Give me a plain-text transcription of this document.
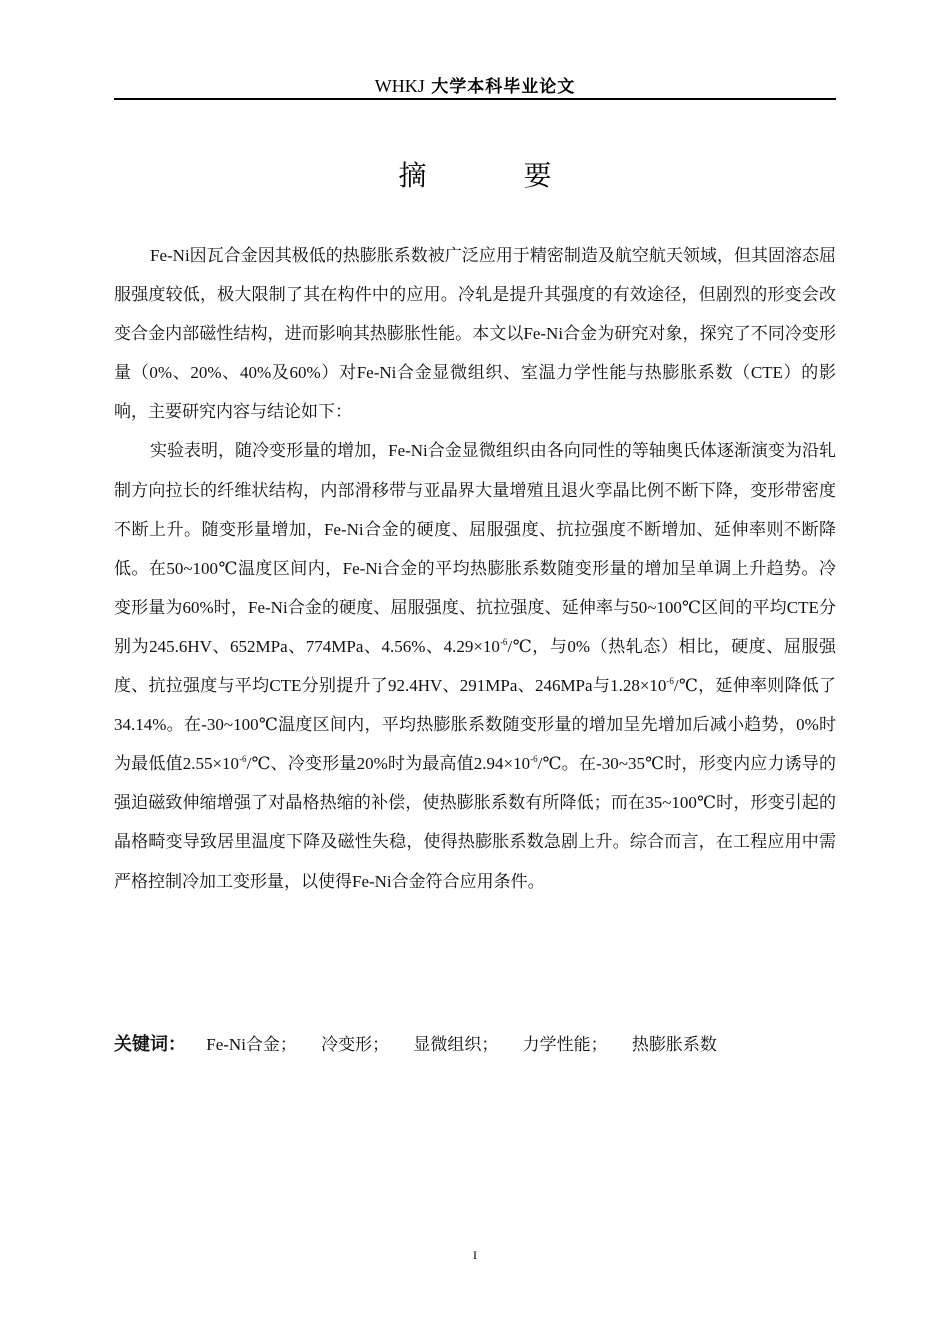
WHKJ 大学本科毕业论文
摘 要

Fe-Ni因瓦合金因其极低的热膨胀系数被广泛应用于精密制造及航空航天领域，但其固溶态屈服强度较低，极大限制了其在构件中的应用。冷轧是提升其强度的有效途径，但剧烈的形变会改变合金内部磁性结构，进而影响其热膨胀性能。本文以Fe-Ni合金为研究对象，探究了不同冷变形量（0%、20%、40%及60%）对Fe-Ni合金显微组织、室温力学性能与热膨胀系数（CTE）的影响，主要研究内容与结论如下：

实验表明，随冷变形量的增加，Fe-Ni合金显微组织由各向同性的等轴奥氏体逐渐演变为沿轧制方向拉长的纤维状结构，内部滑移带与亚晶界大量增殖且退火孪晶比例不断下降，变形带密度不断上升。随变形量增加，Fe-Ni合金的硬度、屈服强度、抗拉强度不断增加、延伸率则不断降低。在50~100℃温度区间内，Fe-Ni合金的平均热膨胀系数随变形量的增加呈单调上升趋势。冷变形量为60%时，Fe-Ni合金的硬度、屈服强度、抗拉强度、延伸率与50~100℃区间的平均CTE分别为245.6HV、652MPa、774MPa、4.56%、$4.29\times 10^{-6}/℃$，与0%（热轧态）相比，硬度、屈服强度、抗拉强度与平均CTE分别提升了92.4HV、291MPa、246MPa与$1.28\times 10^{-6}/℃$，延伸率则降低了34.14%。在-30~100℃温度区间内，平均热膨胀系数随变形量的增加呈先增加后减小趋势，0%时为最低值$2.55\times 10^{-6}/℃$、冷变形量20%时为最高值$2.94\times 10^{-6}/℃$。在-30~35℃时，形变内应力诱导的强迫磁致伸缩增强了对晶格热缩的补偿，使热膨胀系数有所降低；而在35~100℃时，形变引起的晶格畸变导致居里温度下降及磁性失稳，使得热膨胀系数急剧上升。综合而言，在工程应用中需严格控制冷加工变形量，以使得Fe-Ni合金符合应用条件。

关键词： Fe-Ni合金； 冷变形； 显微组织； 力学性能； 热膨胀系数
I
